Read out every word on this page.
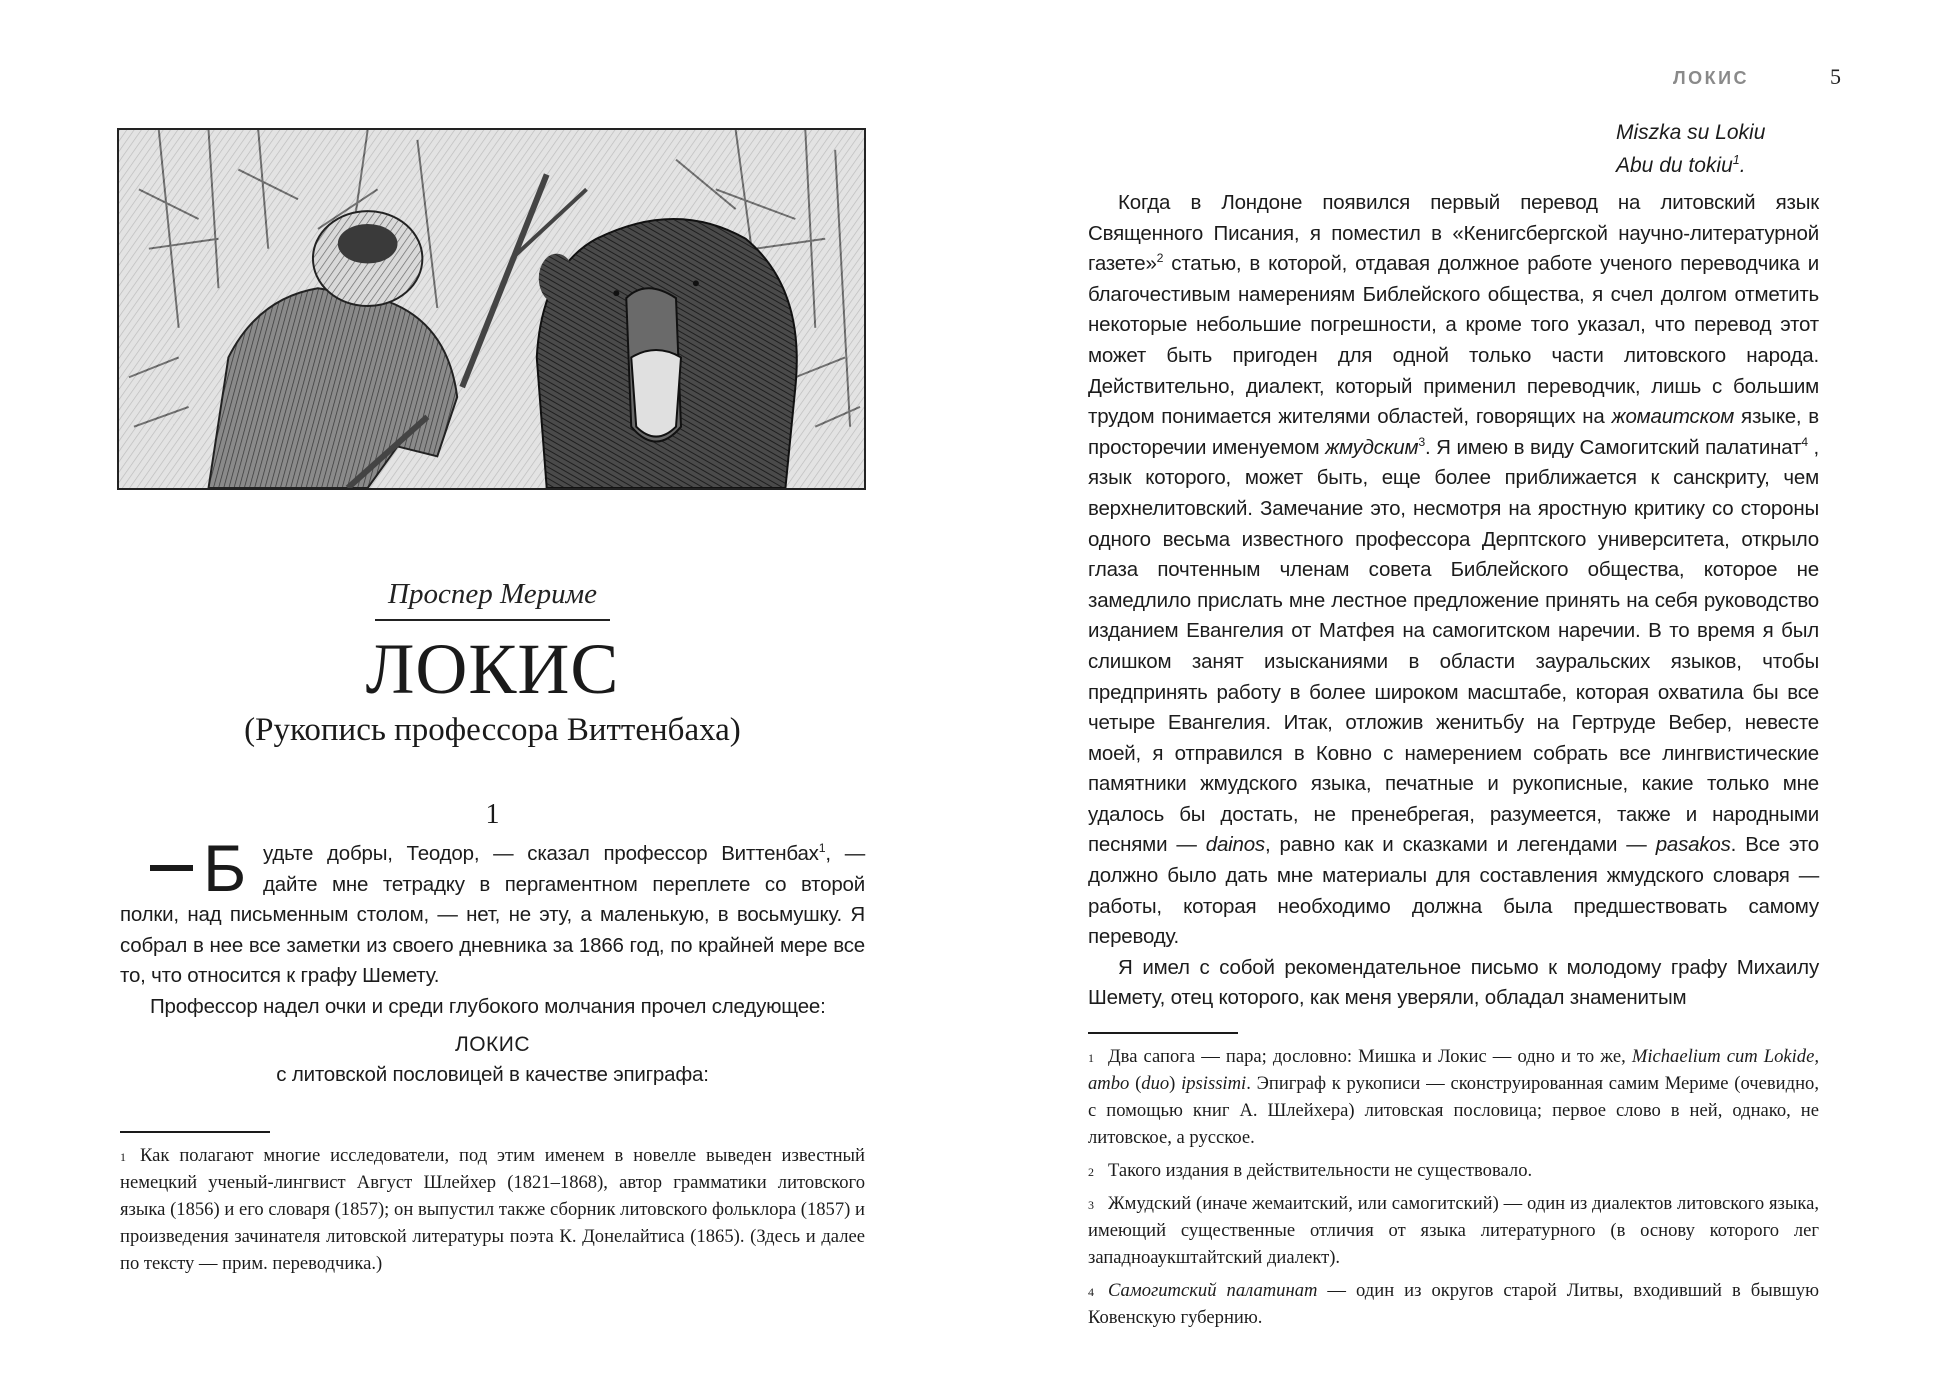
Проспер Мериме
ЛОКИС
(Рукопись профессора Виттенбаха)
1
Б удьте добры, Теодор, — сказал профессор Виттенбах$^1$, — дайте мне тетрадку в пергаментном переплете со второй полки, над письменным столом, — нет, не эту, а маленькую, в восьмушку. Я собрал в нее все заметки из своего дневника за 1866 год, по крайней мере все то, что относится к графу Шемету.

Профессор надел очки и среди глубокого молчания прочел следующее:

ЛОКИС

с литовской пословицей в качестве эпиграфа:

$^1$ Как полагают многие исследователи, под этим именем в новелле выведен известный немецкий ученый-лингвист Август Шлейхер (1821–1868), автор грамматики литовского языка (1856) и его словаря (1857); он выпустил также сборник литовского фольклора (1857) и произведения зачинателя литовской литературы поэта К. Донелайтиса (1865). (Здесь и далее по тексту — прим. переводчика.)

ЛОКИС	5
Miszka su Lokiu
Abu du tokiu$^1$.

Когда в Лондоне появился первый перевод на литовский язык Священного Писания, я поместил в «Кенигсбергской научно-литературной газете»$^2$ статью, в которой, отдавая должное работе ученого переводчика и благочестивым намерениям Библейского общества, я счел долгом отметить некоторые небольшие погрешности, а кроме того указал, что перевод этот может быть пригоден для одной только части литовского народа. Действительно, диалект, который применил переводчик, лишь с большим трудом понимается жителями областей, говорящих на жомаитском языке, в просторечии именуемом жмудским$^3$. Я имею в виду Самогитский палатинат$^4$ , язык которого, может быть, еще более приближается к санскриту, чем верхнелитовский. Замечание это, несмотря на яростную критику со стороны одного весьма известного профессора Дерптского университета, открыло глаза почтенным членам совета Библейского общества, которое не замедлило прислать мне лестное предложение принять на себя руководство изданием Евангелия от Матфея на самогитском наречии. В то время я был слишком занят изысканиями в области зауральских языков, чтобы предпринять работу в более широком масштабе, которая охватила бы все четыре Евангелия. Итак, отложив женитьбу на Гертруде Вебер, невесте моей, я отправился в Ковно с намерением собрать все лингвистические памятники жмудского языка, печатные и рукописные, какие только мне удалось бы достать, не пренебрегая, разумеется, также и народными песнями — dainos, равно как и сказками и легендами — pasakos. Все это должно было дать мне материалы для составления жмудского словаря — работы, которая необходимо должна была предшествовать самому переводу.

Я имел с собой рекомендательное письмо к молодому графу Михаилу Шемету, отец которого, как меня уверяли, обладал знаменитым

$^1$ Два сапога — пара; дословно: Мишка и Локис — одно и то же, Michaelium cum Lokide, ambo (duo) ipsissimi. Эпиграф к рукописи — сконструированная самим Мериме (очевидно, с помощью книг А. Шлейхера) литовская пословица; первое слово в ней, однако, не литовское, а русское.

$^2$ Такого издания в действительности не существовало.

$^3$ Жмудский (иначе жемаитский, или самогитский) — один из диалектов литовского языка, имеющий существенные отличия от языка литературного (в основу которого лег западноаукштайтский диалект).

$^4$ Самогитский палатинат — один из округов старой Литвы, входивший в бывшую Ковенскую губернию.
